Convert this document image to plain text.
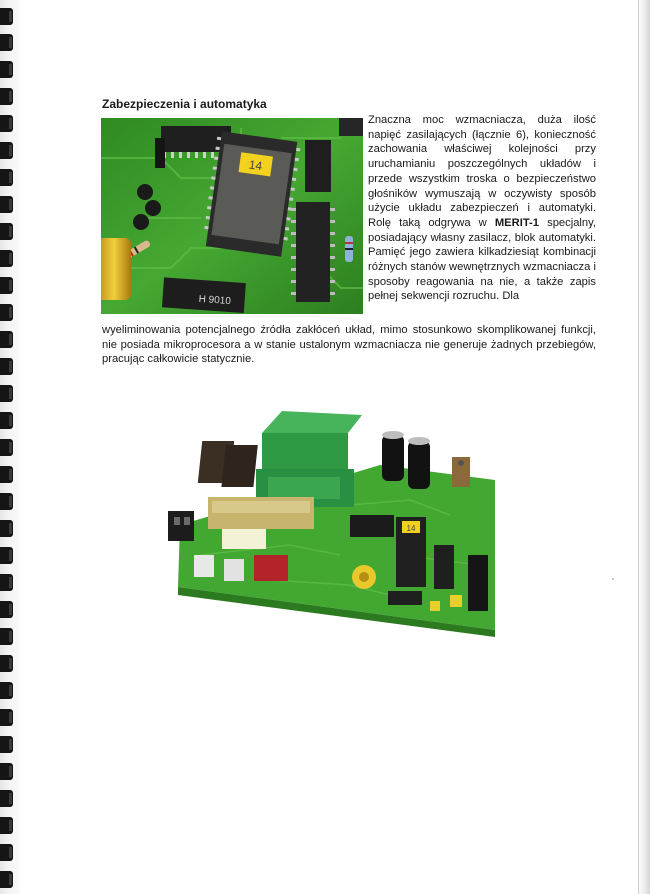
Zabezpieczenia i automatyka
14
H 9010
Znaczna moc wzmacniacza, duża ilość napięć zasilających (łącznie 6), konieczność zachowania właściwej kolejności przy uruchamianiu poszczególnych układów i przede wszystkim troska o bezpieczeństwo głośników wymuszają w oczywisty sposób użycie układu zabezpieczeń i automatyki. Rolę taką odgrywa w MERIT-1 specjalny, posiadający własny zasilacz, blok automatyki. Pamięć jego zawiera kilkadziesiąt kombinacji różnych stanów wewnętrznych wzmacniacza i sposoby reagowania na nie, a także zapis pełnej sekwencji rozruchu. Dla
wyeliminowania potencjalnego źródła zakłóceń układ, mimo stosunkowo skomplikowanej funkcji, nie posiada mikroprocesora a w stanie ustalonym wzmacniacza nie generuje żadnych przebiegów, pracując całkowicie statycznie.
14
